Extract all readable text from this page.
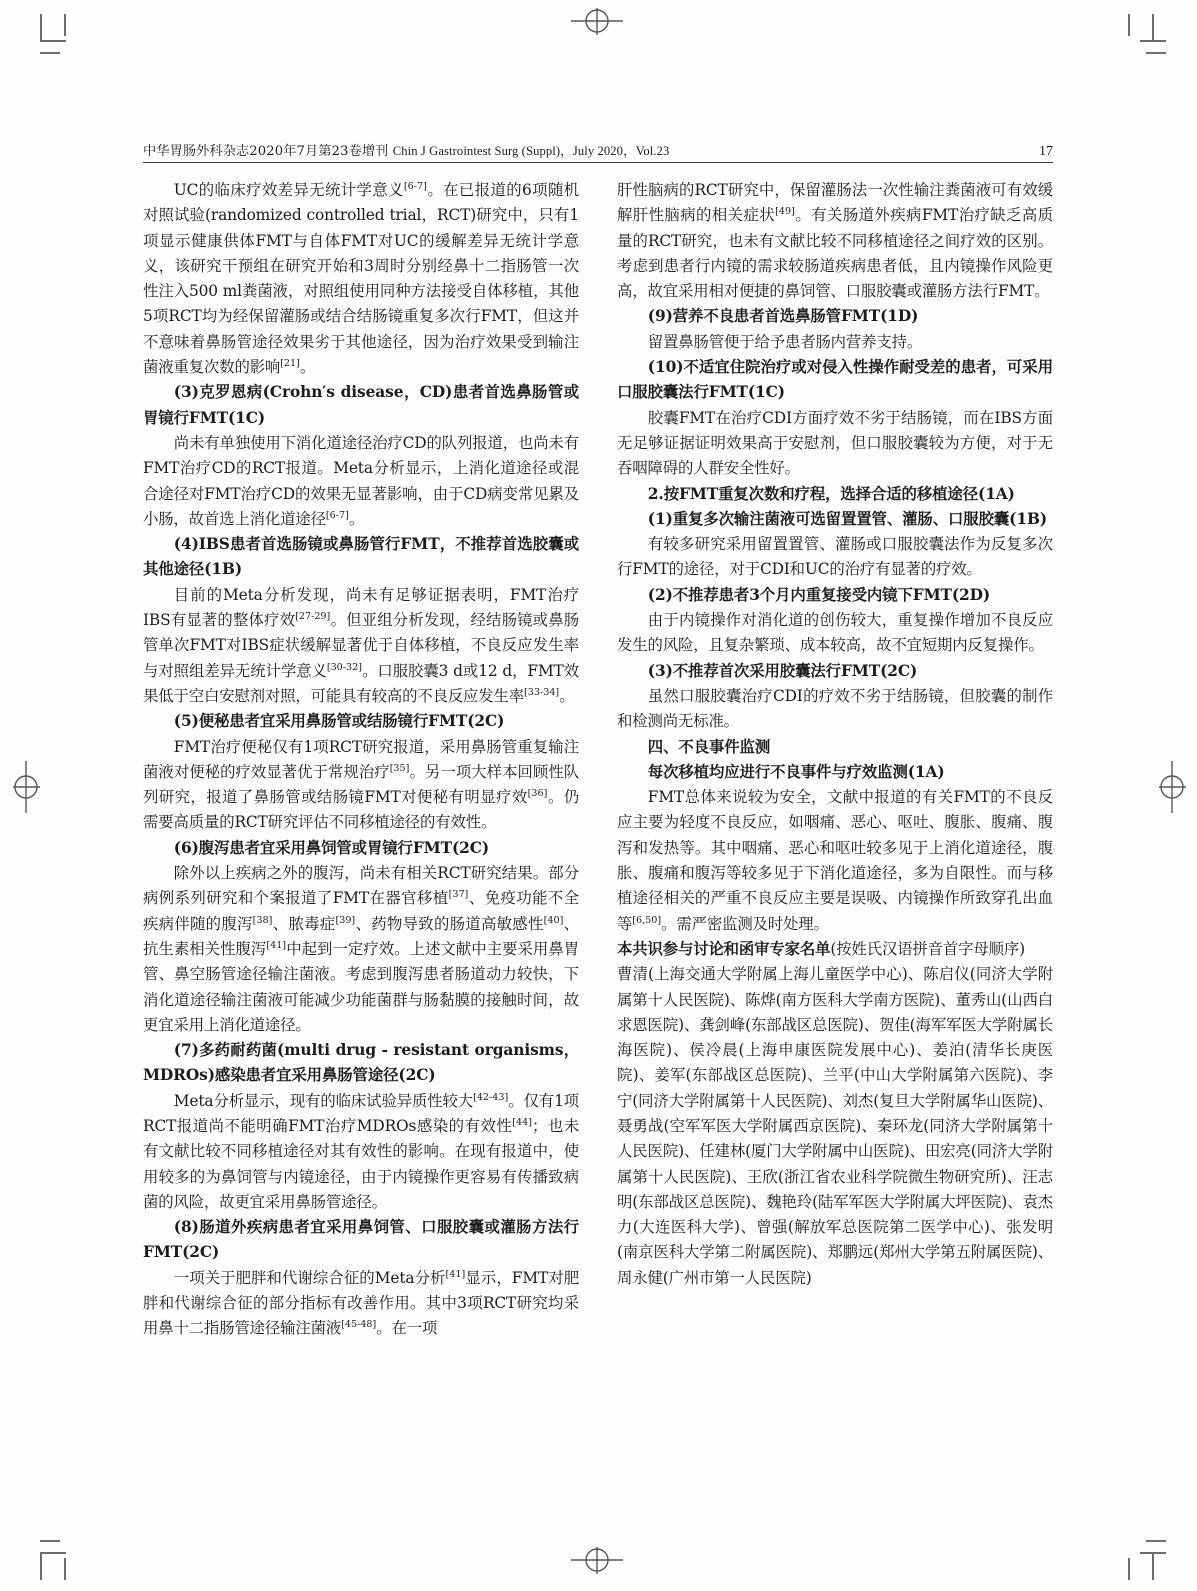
中华胃肠外科杂志2020年7月第23卷增刊 Chin J Gastrointest Surg (Suppl)，July 2020，Vol.23	17

UC的临床疗效差异无统计学意义[6-7]。在已报道的6项随机对照试验(randomized controlled trial，RCT)研究中，只有1项显示健康供体FMT与自体FMT对UC的缓解差异无统计学意义，该研究干预组在研究开始和3周时分别经鼻十二指肠管一次性注入500 ml粪菌液，对照组使用同种方法接受自体移植，其他5项RCT均为经保留灌肠或结合结肠镜重复多次行FMT，但这并不意味着鼻肠管途径效果劣于其他途径，因为治疗效果受到输注菌液重复次数的影响[21]。

(3)克罗恩病(Crohn′s disease，CD)患者首选鼻肠管或胃镜行FMT(1C)

尚未有单独使用下消化道途径治疗CD的队列报道，也尚未有FMT治疗CD的RCT报道。Meta分析显示，上消化道途径或混合途径对FMT治疗CD的效果无显著影响，由于CD病变常见累及小肠，故首选上消化道途径[6-7]。

(4)IBS患者首选肠镜或鼻肠管行FMT，不推荐首选胶囊或其他途径(1B)

目前的Meta分析发现，尚未有足够证据表明，FMT治疗IBS有显著的整体疗效[27-29]。但亚组分析发现，经结肠镜或鼻肠管单次FMT对IBS症状缓解显著优于自体移植，不良反应发生率与对照组差异无统计学意义[30-32]。口服胶囊3 d或12 d，FMT效果低于空白安慰剂对照，可能具有较高的不良反应发生率[33-34]。

(5)便秘患者宜采用鼻肠管或结肠镜行FMT(2C)

FMT治疗便秘仅有1项RCT研究报道，采用鼻肠管重复输注菌液对便秘的疗效显著优于常规治疗[35]。另一项大样本回顾性队列研究，报道了鼻肠管或结肠镜FMT对便秘有明显疗效[36]。仍需要高质量的RCT研究评估不同移植途径的有效性。

(6)腹泻患者宜采用鼻饲管或胃镜行FMT(2C)

除外以上疾病之外的腹泻，尚未有相关RCT研究结果。部分病例系列研究和个案报道了FMT在器官移植[37]、免疫功能不全疾病伴随的腹泻[38]、脓毒症[39]、药物导致的肠道高敏感性[40]、抗生素相关性腹泻[41]中起到一定疗效。上述文献中主要采用鼻胃管、鼻空肠管途径输注菌液。考虑到腹泻患者肠道动力较快，下消化道途径输注菌液可能减少功能菌群与肠黏膜的接触时间，故更宜采用上消化道途径。

(7)多药耐药菌(multi drug - resistant organisms，MDROs)感染患者宜采用鼻肠管途径(2C)

Meta分析显示，现有的临床试验异质性较大[42-43]。仅有1项RCT报道尚不能明确FMT治疗MDROs感染的有效性[44]；也未有文献比较不同移植途径对其有效性的影响。在现有报道中，使用较多的为鼻饲管与内镜途径，由于内镜操作更容易有传播致病菌的风险，故更宜采用鼻肠管途径。

(8)肠道外疾病患者宜采用鼻饲管、口服胶囊或灌肠方法行FMT(2C)

一项关于肥胖和代谢综合征的Meta分析[41]显示，FMT对肥胖和代谢综合征的部分指标有改善作用。其中3项RCT研究均采用鼻十二指肠管途径输注菌液[45-48]。在一项

肝性脑病的RCT研究中，保留灌肠法一次性输注粪菌液可有效缓解肝性脑病的相关症状[49]。有关肠道外疾病FMT治疗缺乏高质量的RCT研究，也未有文献比较不同移植途径之间疗效的区别。考虑到患者行内镜的需求较肠道疾病患者低，且内镜操作风险更高，故宜采用相对便捷的鼻饲管、口服胶囊或灌肠方法行FMT。

(9)营养不良患者首选鼻肠管FMT(1D)

留置鼻肠管便于给予患者肠内营养支持。

(10)不适宜住院治疗或对侵入性操作耐受差的患者，可采用口服胶囊法行FMT(1C)

胶囊FMT在治疗CDI方面疗效不劣于结肠镜，而在IBS方面无足够证据证明效果高于安慰剂，但口服胶囊较为方便，对于无吞咽障碍的人群安全性好。

2.按FMT重复次数和疗程，选择合适的移植途径(1A)

(1)重复多次输注菌液可选留置置管、灌肠、口服胶囊(1B)

有较多研究采用留置置管、灌肠或口服胶囊法作为反复多次行FMT的途径，对于CDI和UC的治疗有显著的疗效。

(2)不推荐患者3个月内重复接受内镜下FMT(2D)

由于内镜操作对消化道的创伤较大，重复操作增加不良反应发生的风险，且复杂繁琐、成本较高，故不宜短期内反复操作。

(3)不推荐首次采用胶囊法行FMT(2C)

虽然口服胶囊治疗CDI的疗效不劣于结肠镜，但胶囊的制作和检测尚无标准。

四、不良事件监测

每次移植均应进行不良事件与疗效监测(1A)

FMT总体来说较为安全，文献中报道的有关FMT的不良反应主要为轻度不良反应，如咽痛、恶心、呕吐、腹胀、腹痛、腹泻和发热等。其中咽痛、恶心和呕吐较多见于上消化道途径，腹胀、腹痛和腹泻等较多见于下消化道途径，多为自限性。而与移植途径相关的严重不良反应主要是误吸、内镜操作所致穿孔出血等[6,50]。需严密监测及时处理。

本共识参与讨论和函审专家名单(按姓氏汉语拼音首字母顺序)

曹清(上海交通大学附属上海儿童医学中心)、陈启仪(同济大学附属第十人民医院)、陈烨(南方医科大学南方医院)、董秀山(山西白求恩医院)、龚剑峰(东部战区总医院)、贺佳(海军军医大学附属长海医院)、侯冷晨(上海申康医院发展中心)、姜泊(清华长庚医院)、姜军(东部战区总医院)、兰平(中山大学附属第六医院)、李宁(同济大学附属第十人民医院)、刘杰(复旦大学附属华山医院)、聂勇战(空军军医大学附属西京医院)、秦环龙(同济大学附属第十人民医院)、任建林(厦门大学附属中山医院)、田宏亮(同济大学附属第十人民医院)、王欣(浙江省农业科学院微生物研究所)、汪志明(东部战区总医院)、魏艳玲(陆军军医大学附属大坪医院)、袁杰力(大连医科大学)、曾强(解放军总医院第二医学中心)、张发明(南京医科大学第二附属医院)、郑鹏远(郑州大学第五附属医院)、周永健(广州市第一人民医院)
